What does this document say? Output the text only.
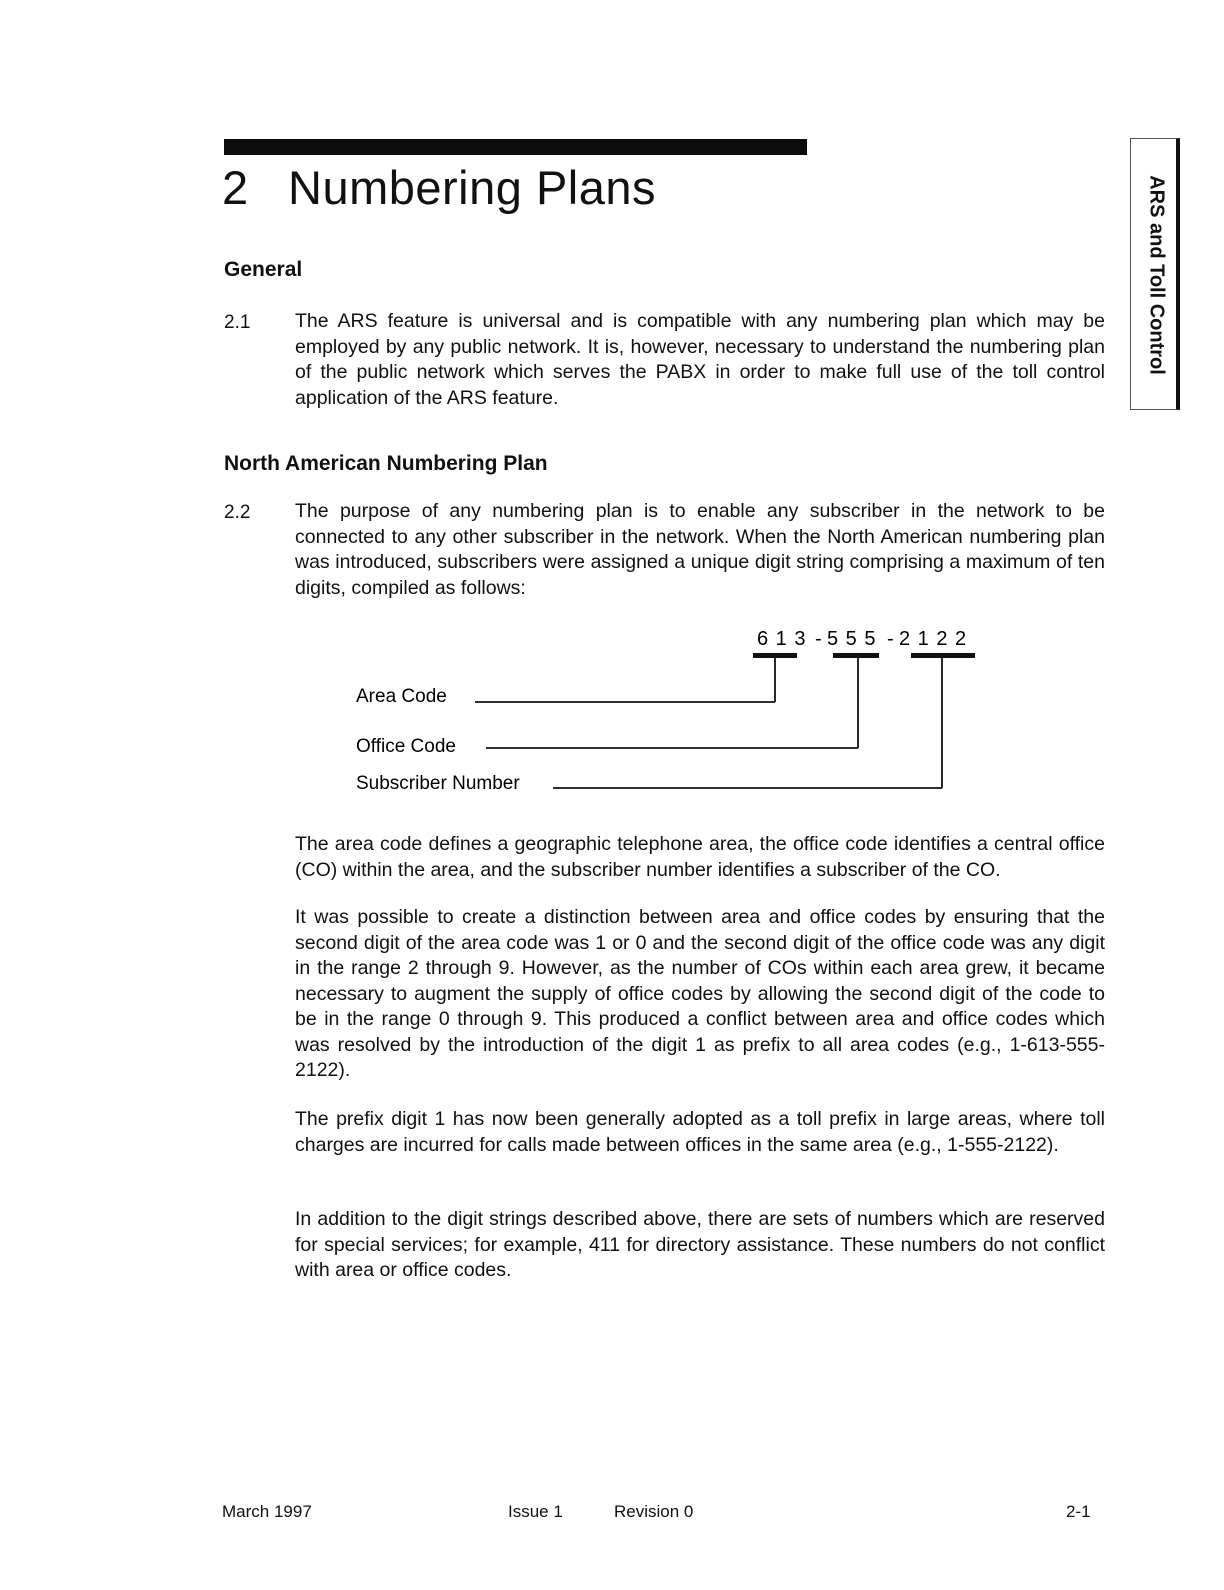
2 Numbering Plans	ARS and Toll Control
General
2.1 The ARS feature is universal and is compatible with any numbering plan which may be employed by any public network. It is, however, necessary to understand the numbering plan of the public network which serves the PABX in order to make full use of the toll control application of the ARS feature.

North American Numbering Plan
2.2 The purpose of any numbering plan is to enable any subscriber in the network to be connected to any other subscriber in the network. When the North American numbering plan was introduced, subscribers were assigned a unique digit string comprising a maximum of ten digits, compiled as follows:

6 1 3 - 5 5 5 - 2 1 2 2
Area Code
Office Code
Subscriber Number

The area code defines a geographic telephone area, the office code identifies a central office (CO) within the area, and the subscriber number identifies a subscriber of the CO.

It was possible to create a distinction between area and office codes by ensuring that the second digit of the area code was 1 or 0 and the second digit of the office code was any digit in the range 2 through 9. However, as the number of COs within each area grew, it became necessary to augment the supply of office codes by allowing the second digit of the code to be in the range 0 through 9. This produced a conflict between area and office codes which was resolved by the introduction of the digit 1 as prefix to all area codes (e.g., 1-613-555-2122).

The prefix digit 1 has now been generally adopted as a toll prefix in large areas, where toll charges are incurred for calls made between offices in the same area (e.g., 1-555-2122).

In addition to the digit strings described above, there are sets of numbers which are reserved for special services; for example, 411 for directory assistance. These numbers do not conflict with area or office codes.

March 1997	Issue 1	Revision 0	2-1
